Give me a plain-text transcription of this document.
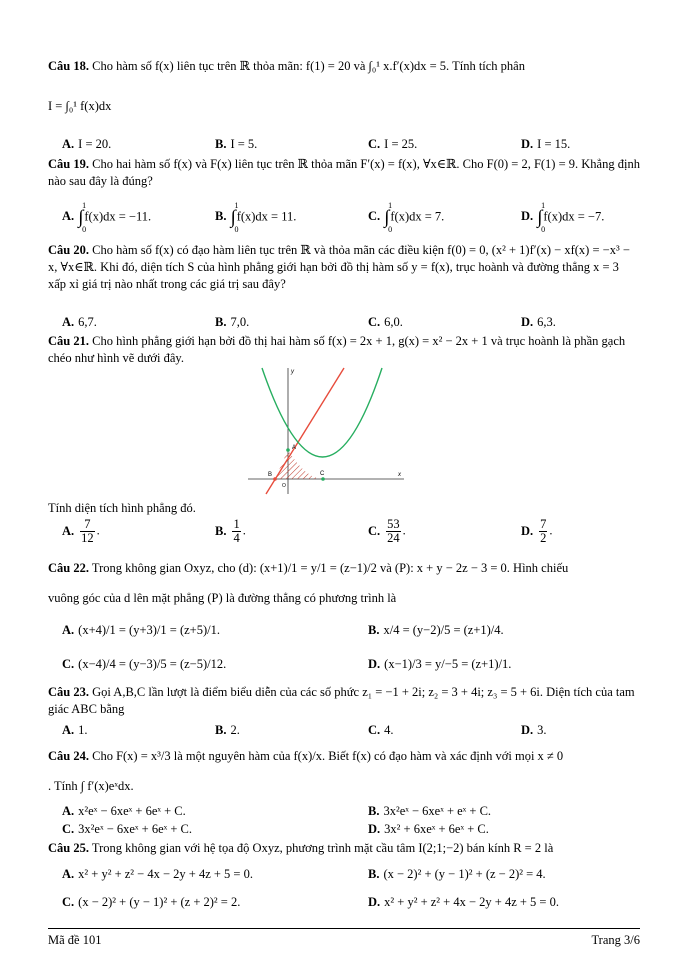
Câu 18. Cho hàm số f(x) liên tục trên ℝ thỏa mãn: f(1) = 20 và ∫₀¹ x.f′(x)dx = 5. Tính tích phân
I = ∫₀¹ f(x)dx
A. I = 20.	B. I = 5.	C. I = 25.	D. I = 15.
Câu 19. Cho hai hàm số f(x) và F(x) liên tục trên ℝ thỏa mãn F′(x) = f(x), ∀x∈ℝ. Cho F(0) = 2, F(1) = 9. Khẳng định nào sau đây là đúng?
A. ∫
1
0
f(x)dx = −11.	B. ∫
1
0
f(x)dx = 11.	C. ∫
1
0
f(x)dx = 7.	D. ∫
1
0
f(x)dx = −7.
Câu 20. Cho hàm số f(x) có đạo hàm liên tục trên ℝ và thỏa mãn các điều kiện f(0) = 0, (x² + 1)f′(x) − xf(x) = −x³ − x, ∀x∈ℝ. Khi đó, diện tích S của hình phẳng giới hạn bởi đồ thị hàm số y = f(x), trục hoành và đường thẳng x = 3 xấp xỉ giá trị nào nhất trong các giá trị sau đây?
A. 6,7.	B. 7,0.	C. 6,0.	D. 6,3.
Câu 21. Cho hình phẳng giới hạn bởi đồ thị hai hàm số f(x) = 2x + 1, g(x) = x² − 2x + 1 và trục hoành là phần gạch chéo như hình vẽ dưới đây.
A
B	C
O
x
y
Tính diện tích hình phẳng đó.
A. $\frac{7}{12}$ .	B. $\frac{1}{4}$ .	C. $\frac{53}{24}$ .	D. $\frac{7}{2}$ .
Câu 22. Trong không gian Oxyz, cho (d): (x+1)/1 = y/1 = (z−1)/2 và (P): x + y − 2z − 3 = 0. Hình chiếu
vuông góc của d lên mặt phẳng (P) là đường thẳng có phương trình là
A. (x+4)/1 = (y+3)/1 = (z+5)/1.	B. x/4 = (y−2)/5 = (z+1)/4.
C. (x−4)/4 = (y−3)/5 = (z−5)/12.	D. (x−1)/3 = y/−5 = (z+1)/1.
Câu 23. Gọi A,B,C lần lượt là điểm biểu diễn của các số phức z₁ = −1 + 2i; z₂ = 3 + 4i; z₃ = 5 + 6i. Diện tích của tam giác ABC bằng
A. 1.	B. 2.	C. 4.	D. 3.
Câu 24. Cho F(x) = x³/3 là một nguyên hàm của f(x)/x. Biết f(x) có đạo hàm và xác định với mọi x ≠ 0
. Tính ∫ f′(x)eˣdx.
A. x²eˣ − 6xeˣ + 6eˣ + C.	B. 3x²eˣ − 6xeˣ + eˣ + C.
C. 3x²eˣ − 6xeˣ + 6eˣ + C.	D. 3x² + 6xeˣ + 6eˣ + C.
Câu 25. Trong không gian với hệ tọa độ Oxyz, phương trình mặt cầu tâm I(2;1;−2) bán kính R = 2 là
A. x² + y² + z² − 4x − 2y + 4z + 5 = 0.	B. (x − 2)² + (y − 1)² + (z − 2)² = 4.
C. (x − 2)² + (y − 1)² + (z + 2)² = 2.	D. x² + y² + z² + 4x − 2y + 4z + 5 = 0.
Mã đề 101	Trang 3/6
